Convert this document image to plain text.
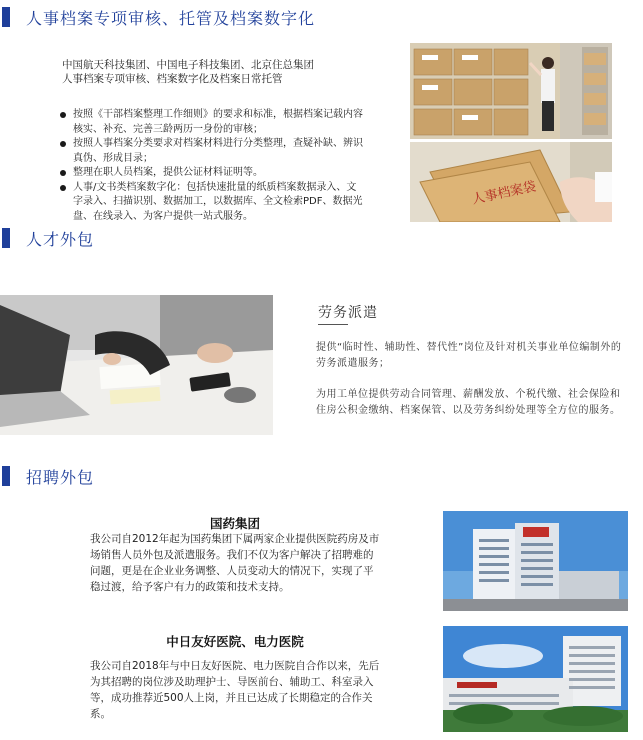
人事档案专项审核、托管及档案数字化
中国航天科技集团、中国电子科技集团、北京住总集团
人事档案专项审核、档案数字化及档案日常托管
按照《干部档案整理工作细则》的要求和标准，根据档案记载内容核实、补充、完善三龄两历一身份的审核；
按照人事档案分类要求对档案材料进行分类整理，查疑补缺、辨识真伪、形成目录；
整理在职人员档案，提供公证材料证明等。
人事/文书类档案数字化：包括快速批量的纸质档案数据录入、文字录入、扫描识别、数据加工，以数据库、全文检索PDF、数据光盘、在线录入、为客户提供一站式服务。
人事档案袋
人才外包
劳务派遣
提供“临时性、辅助性、替代性”岗位及针对机关事业单位编制外的劳务派遣服务；
为用工单位提供劳动合同管理、薪酬发放、个税代缴、社会保险和住房公积金缴纳、档案保管、以及劳务纠纷处理等全方位的服务。
招聘外包
国药集团
我公司自2012年起为国药集团下属两家企业提供医院药房及市场销售人员外包及派遣服务。我们不仅为客户解决了招聘难的问题，更是在企业业务调整、人员变动大的情况下，实现了平稳过渡，给予客户有力的政策和技术支持。
中日友好医院、电力医院
我公司自2018年与中日友好医院、电力医院自合作以来，先后为其招聘的岗位涉及助理护士、导医前台、辅助工、科室录入等，成功推荐近500人上岗，并且已达成了长期稳定的合作关系。
